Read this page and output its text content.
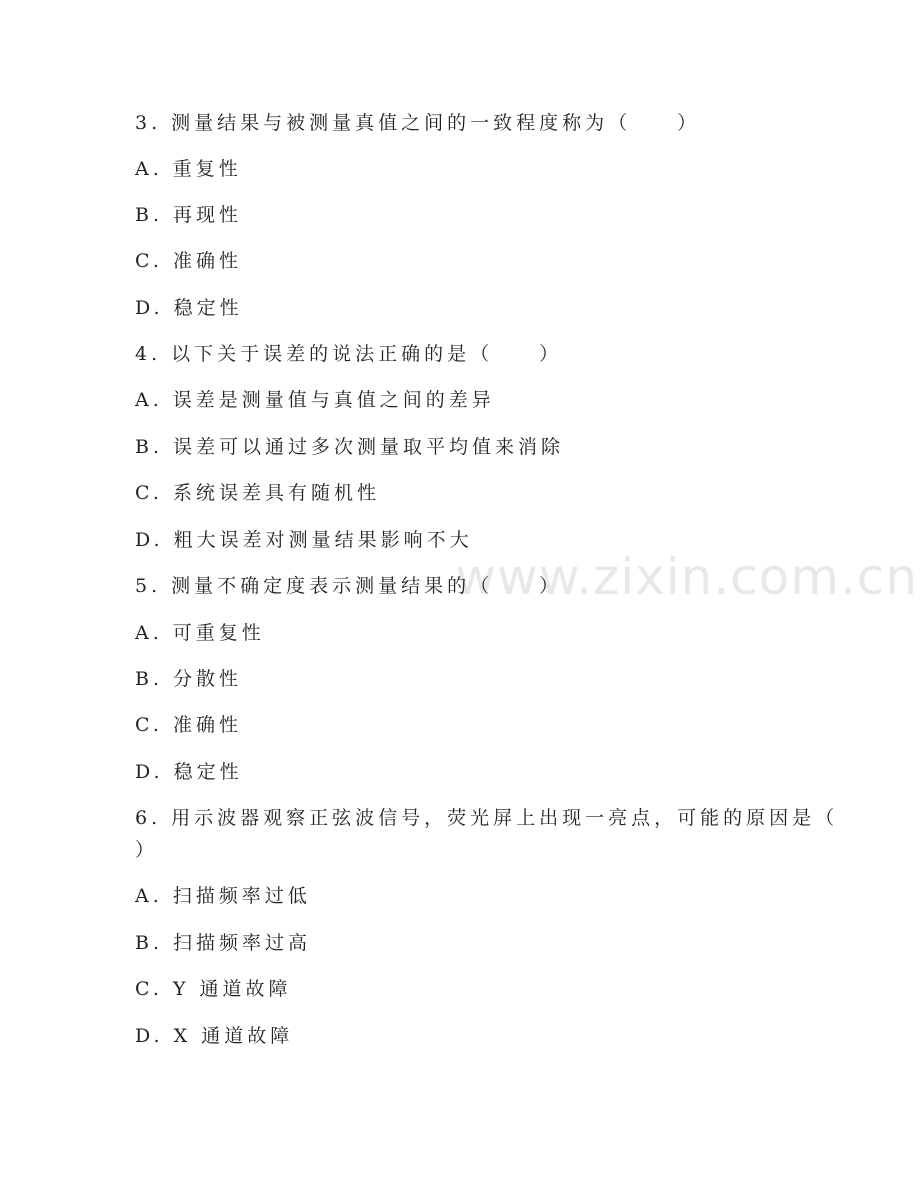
www.zixin.com.cn
3. 测量结果与被测量真值之间的一致程度称为（　　）
A. 重复性
B. 再现性
C. 准确性
D. 稳定性
4. 以下关于误差的说法正确的是（　　）
A. 误差是测量值与真值之间的差异
B. 误差可以通过多次测量取平均值来消除
C. 系统误差具有随机性
D. 粗大误差对测量结果影响不大
5. 测量不确定度表示测量结果的（　　）
A. 可重复性
B. 分散性
C. 准确性
D. 稳定性
6. 用示波器观察正弦波信号，荧光屏上出现一亮点，可能的原因是（
）
A. 扫描频率过低
B. 扫描频率过高
C. Y 通道故障
D. X 通道故障
